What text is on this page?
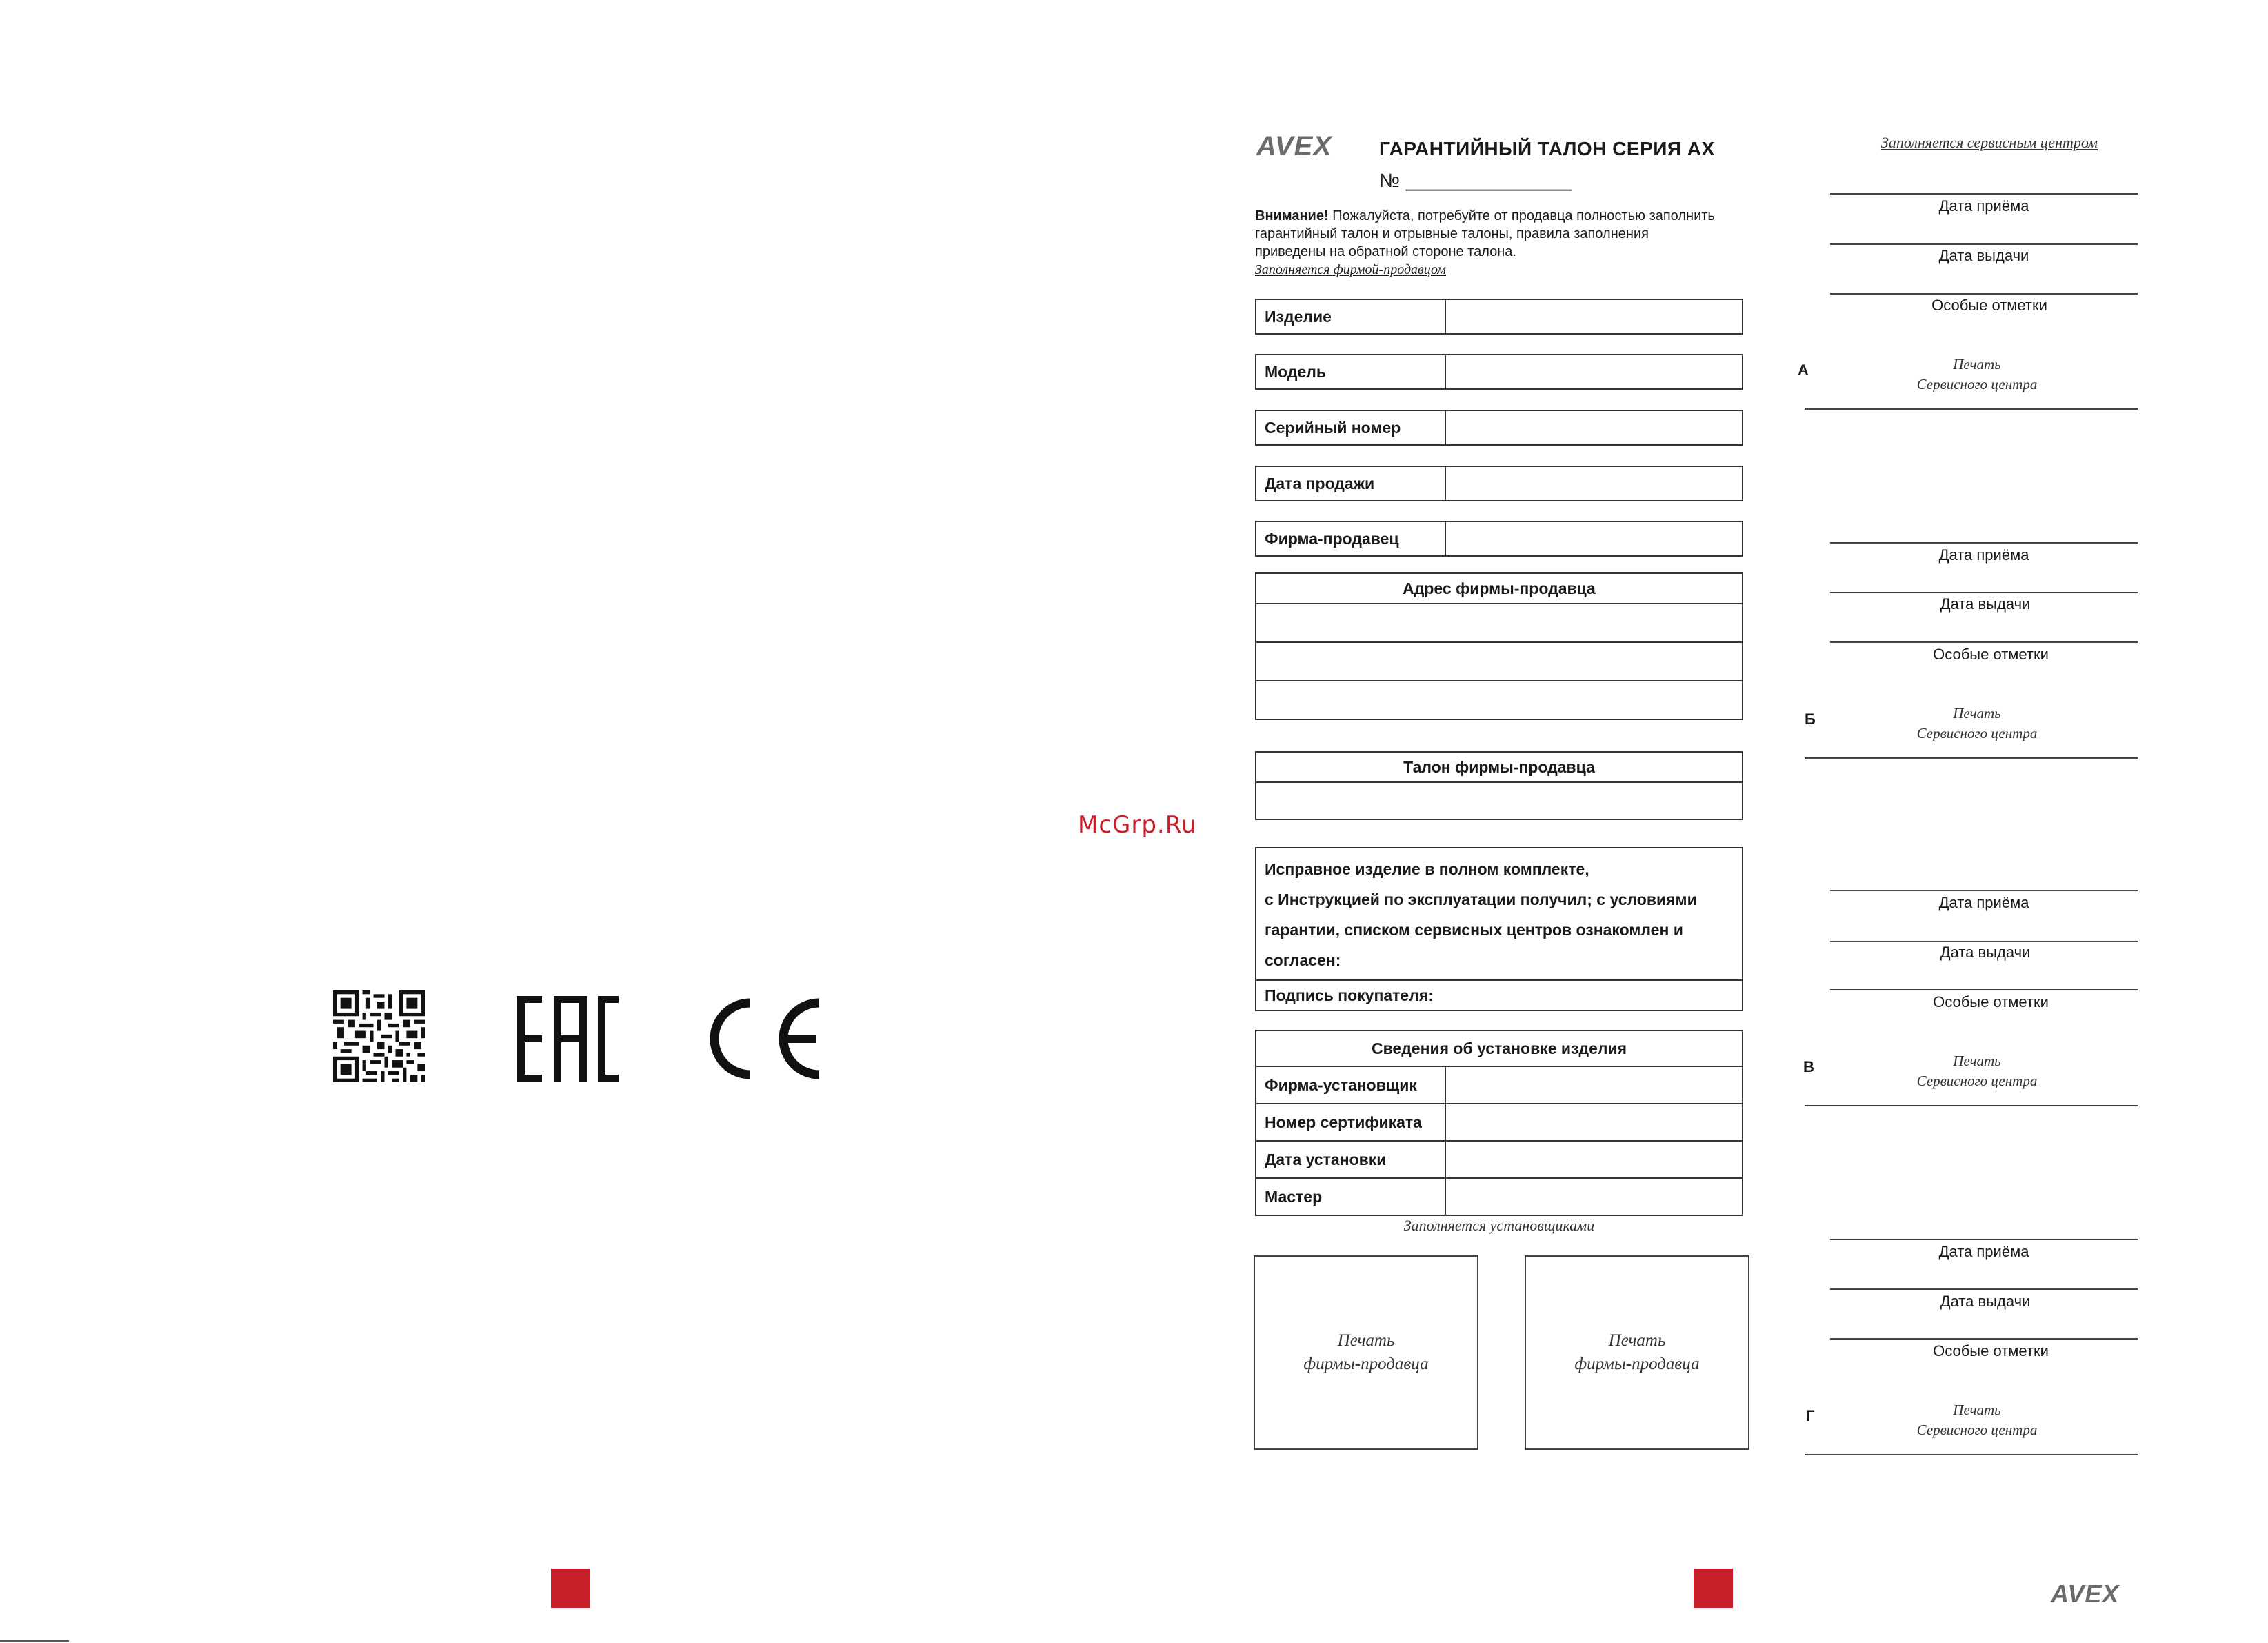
McGrp.Ru
AVEX ГАРАНТИЙНЫЙ ТАЛОН СЕРИЯ АХ
№ _______________
Внимание! Пожалуйста, потребуйте от продавца полностью заполнить
гарантийный талон и отрывные талоны, правила заполнения
приведены на обратной стороне талона.
Заполняется фирмой-продавцом
Изделие
Модель
Серийный номер
Дата продажи
Фирма-продавец
Адрес фирмы-продавца
Талон фирмы-продавца
Исправное изделие в полном комплекте,
с Инструкцией по эксплуатации получил; с условиями
гарантии, списком сервисных центров ознакомлен и
согласен:
Подпись покупателя:
Сведения об установке изделия
Фирма-установщик
Номер сертификата
Дата установки
Мастер
Заполняется установщиками
Печать
фирмы-продавца
Печать
фирмы-продавца
Заполняется сервисным центром
Дата приёма
Дата выдачи
Особые отметки
А	Печать
Сервисного центра
Дата приёма
Дата выдачи
Особые отметки
Б	Печать
Сервисного центра
Дата приёма
Дата выдачи
Особые отметки
В	Печать
Сервисного центра
Дата приёма
Дата выдачи
Особые отметки
Г	Печать
Сервисного центра
AVEX
